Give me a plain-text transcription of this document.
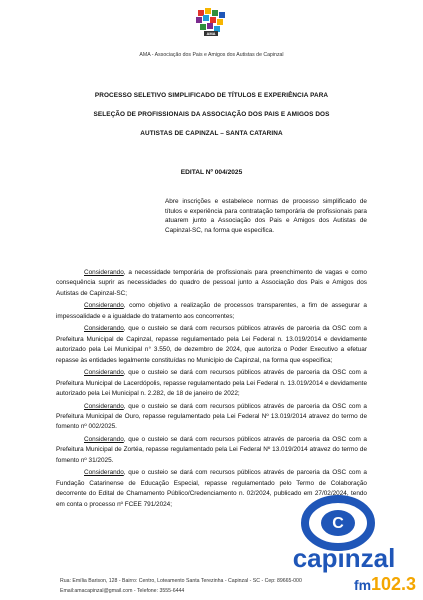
AMA
AMA - Associação dos Pais e Amigos dos Autistas de Capinzal
PROCESSO SELETIVO SIMPLIFICADO DE TÍTULOS E EXPERIÊNCIA PARA
SELEÇÃO DE PROFISSIONAIS DA ASSOCIAÇÃO DOS PAIS E AMIGOS DOS
AUTISTAS DE CAPINZAL – SANTA CATARINA
EDITAL Nº 004/2025
Abre inscrições e estabelece normas de processo simplificado de títulos e experiência para contratação temporária de profissionais para atuarem junto a Associação dos Pais e Amigos dos Autistas de Capinzal-SC, na forma que especifica.

Considerando, a necessidade temporária de profissionais para preenchimento de vagas e como consequência suprir as necessidades do quadro de pessoal junto a Associação dos Pais e Amigos dos Autistas de Capinzal-SC;

Considerando, como objetivo a realização de processos transparentes, a fim de assegurar a impessoalidade e a igualdade do tratamento aos concorrentes;

Considerando, que o custeio se dará com recursos públicos através de parceria da OSC com a Prefeitura Municipal de Capinzal, repasse regulamentado pela Lei Federal n. 13.019/2014 e devidamente autorizado pela Lei Municipal n° 3.550, de dezembro de 2024, que autoriza o Poder Executivo a efetuar repasse às entidades legalmente constituídas no Município de Capinzal, na forma que especifica;

Considerando, que o custeio se dará com recursos públicos através de parceria da OSC com a Prefeitura Municipal de Lacerdópolis, repasse regulamentado pela Lei Federal n. 13.019/2014 e devidamente autorizado pela Lei Municipal n. 2.282, de 18 de janeiro de 2022;

Considerando, que o custeio se dará com recursos públicos através de parceria da OSC com a Prefeitura Municipal de Ouro, repasse regulamentado pela Lei Federal Nº 13.019/2014 atravez do termo de fomento nº 002/2025.

Considerando, que o custeio se dará com recursos públicos através de parceria da OSC com a Prefeitura Municipal de Zortéa, repasse regulamentado pela Lei Federal Nº 13.019/2014 atravez do termo de fomento nº 31/2025.

Considerando, que o custeio se dará com recursos públicos através de parceria da OSC com a Fundação Catarinense de Educação Especial, repasse regulamentado pelo Termo de Colaboração decorrente do Edital de Chamamento Público/Credenciamento n. 02/2024, publicado em 27/02/2024, tendo em conta o processo nº FCEE 791/2024;

Rua: Emília Barison, 128 - Bairro: Centro, Loteamento Santa Terezinha - Capinzal - SC - Cep: 89665-000
Email:amacapinzal@gmail.com - Telefone: 3555-6444
C
capinzal
fm 102.3
